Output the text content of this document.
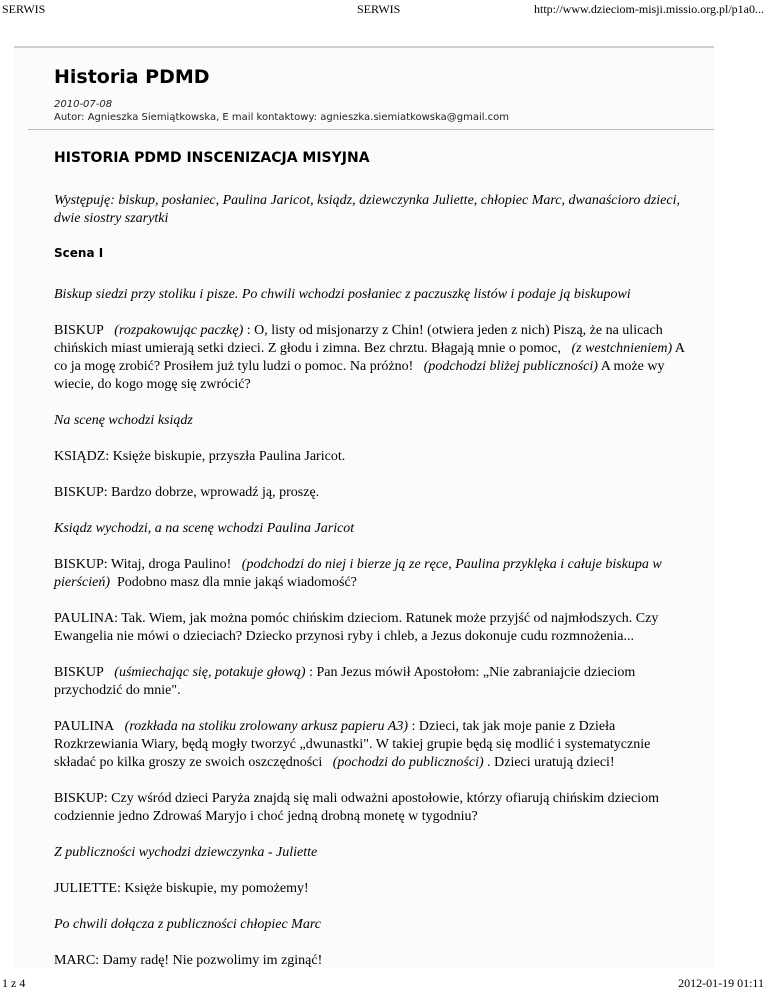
SERWIS	SERWIS	http://www.dzieciom-misji.missio.org.pl/p1a0...
Historia PDMD
2010-07-08
Autor: Agnieszka Siemiątkowska, E mail kontaktowy: agnieszka.siemiatkowska@gmail.com
HISTORIA PDMD INSCENIZACJA MISYJNA

Występuję: biskup, posłaniec, Paulina Jaricot, ksiądz, dziewczynka Juliette, chłopiec Marc, dwanaścioro dzieci, dwie siostry szarytki

Scena I

Biskup siedzi przy stoliku i pisze. Po chwili wchodzi posłaniec z paczuszkę listów i podaje ją biskupowi

BISKUP (rozpakowując paczkę) : O, listy od misjonarzy z Chin! (otwiera jeden z nich) Piszą, że na ulicach chińskich miast umierają setki dzieci. Z głodu i zimna. Bez chrztu. Błagają mnie o pomoc, (z westchnieniem) A co ja mogę zrobić? Prosiłem już tylu ludzi o pomoc. Na próżno! (podchodzi bliżej publiczności) A może wy wiecie, do kogo mogę się zwrócić?

Na scenę wchodzi ksiądz

KSIĄDZ: Księże biskupie, przyszła Paulina Jaricot.

BISKUP: Bardzo dobrze, wprowadź ją, proszę.

Ksiądz wychodzi, a na scenę wchodzi Paulina Jaricot

BISKUP: Witaj, droga Paulino! (podchodzi do niej i bierze ją ze ręce, Paulina przyklęka i całuje biskupa w pierścień) Podobno masz dla mnie jakąś wiadomość?

PAULINA: Tak. Wiem, jak można pomóc chińskim dzieciom. Ratunek może przyjść od najmłodszych. Czy Ewangelia nie mówi o dzieciach? Dziecko przynosi ryby i chleb, a Jezus dokonuje cudu rozmnożenia...

BISKUP (uśmiechając się, potakuje głową) : Pan Jezus mówił Apostołom: „Nie zabraniajcie dzieciom przychodzić do mnie".

PAULINA (rozkłada na stoliku zrolowany arkusz papieru A3) : Dzieci, tak jak moje panie z Dzieła Rozkrzewiania Wiary, będą mogły tworzyć „dwunastki". W takiej grupie będą się modlić i systematycznie składać po kilka groszy ze swoich oszczędności (pochodzi do publiczności) . Dzieci uratują dzieci!

BISKUP: Czy wśród dzieci Paryża znajdą się mali odważni apostołowie, którzy ofiarują chińskim dzieciom codziennie jedno Zdrowaś Maryjo i choć jedną drobną monetę w tygodniu?

Z publiczności wychodzi dziewczynka - Juliette

JULIETTE: Księże biskupie, my pomożemy!

Po chwili dołącza z publiczności chłopiec Marc

MARC: Damy radę! Nie pozwolimy im zginąć!

1 z 4	2012-01-19 01:11
